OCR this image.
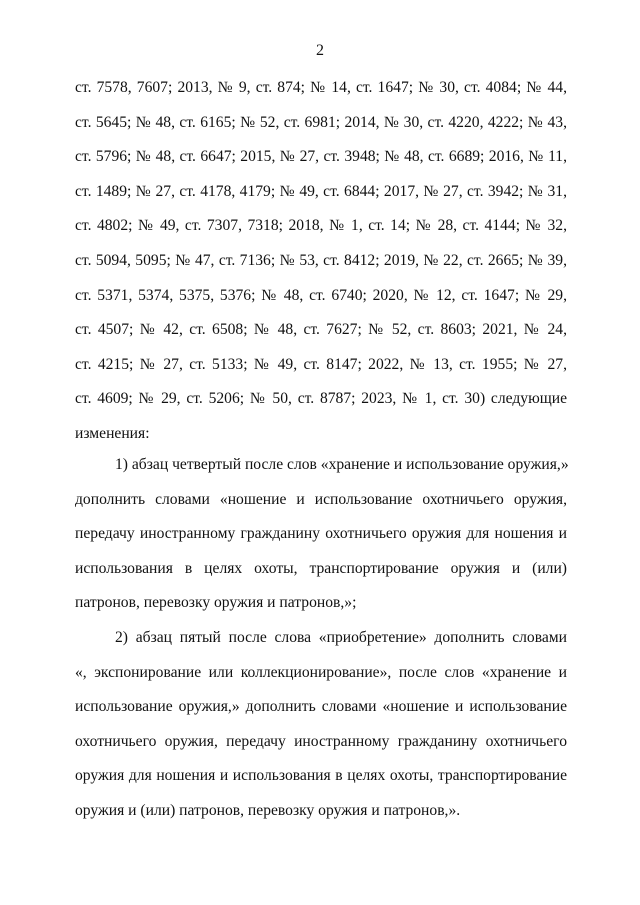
2
ст. 7578, 7607; 2013, № 9, ст. 874; № 14, ст. 1647; № 30, ст. 4084; № 44,
ст. 5645; № 48, ст. 6165; № 52, ст. 6981; 2014, № 30, ст. 4220, 4222; № 43,
ст. 5796; № 48, ст. 6647; 2015, № 27, ст. 3948; № 48, ст. 6689; 2016, № 11,
ст. 1489; № 27, ст. 4178, 4179; № 49, ст. 6844; 2017, № 27, ст. 3942; № 31,
ст. 4802; № 49, ст. 7307, 7318; 2018, № 1, ст. 14; № 28, ст. 4144; № 32,
ст. 5094, 5095; № 47, ст. 7136; № 53, ст. 8412; 2019, № 22, ст. 2665; № 39,
ст. 5371, 5374, 5375, 5376; № 48, ст. 6740; 2020, № 12, ст. 1647; № 29,
ст. 4507; № 42, ст. 6508; № 48, ст. 7627; № 52, ст. 8603; 2021, № 24,
ст. 4215; № 27, ст. 5133; № 49, ст. 8147; 2022, № 13, ст. 1955; № 27,
ст. 4609; № 29, ст. 5206; № 50, ст. 8787; 2023, № 1, ст. 30) следующие
изменения:
1) абзац четвертый после слов «хранение и использование оружия,»
дополнить словами «ношение и использование охотничьего оружия,
передачу иностранному гражданину охотничьего оружия для ношения и
использования в целях охоты, транспортирование оружия и (или)
патронов, перевозку оружия и патронов,»;
2) абзац пятый после слова «приобретение» дополнить словами
«, экспонирование или коллекционирование», после слов «хранение и
использование оружия,» дополнить словами «ношение и использование
охотничьего оружия, передачу иностранному гражданину охотничьего
оружия для ношения и использования в целях охоты, транспортирование
оружия и (или) патронов, перевозку оружия и патронов,».
